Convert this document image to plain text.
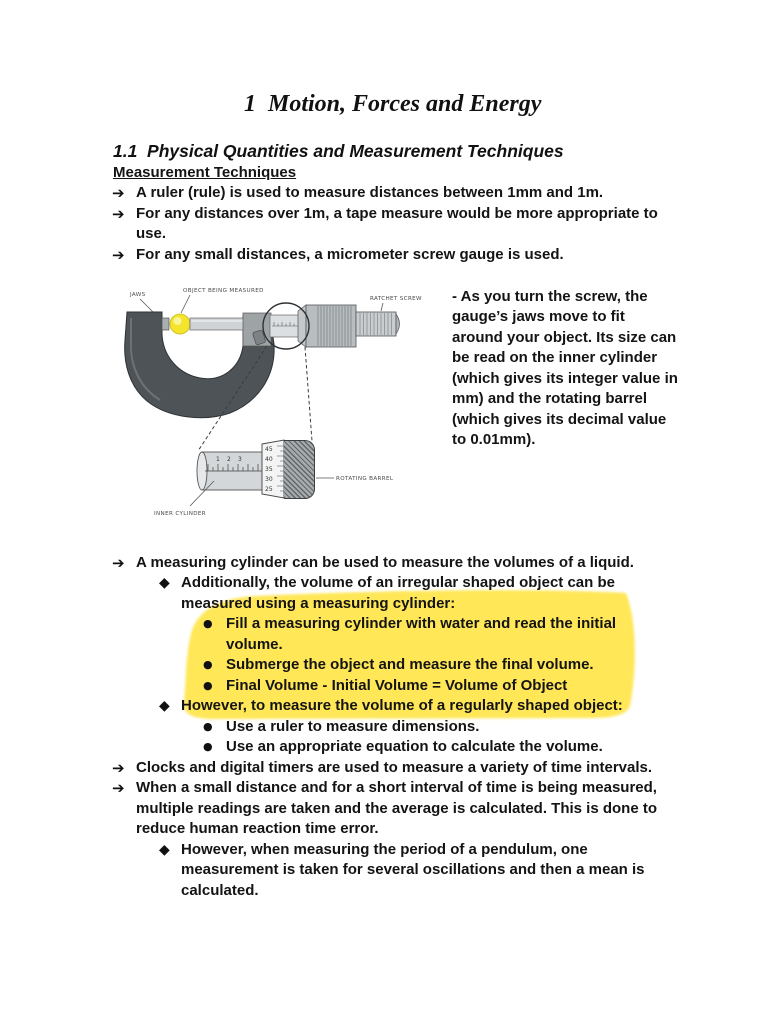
1  Motion, Forces and Energy
1.1  Physical Quantities and Measurement Techniques
Measurement Techniques
➔ A ruler (rule) is used to measure distances between 1mm and 1m.
➔ For any distances over 1m, a tape measure would be more appropriate to
use.
➔ For any small distances, a micrometer screw gauge is used.
JAWS
OBJECT BEING MEASURED
RATCHET SCREW
1 2 3
45
40
35
30
25
ROTATING BARREL
INNER CYLINDER
- As you turn the screw, the
gauge’s jaws move to fit
around your object. Its size can
be read on the inner cylinder
(which gives its integer value in
mm) and the rotating barrel
(which gives its decimal value
to 0.01mm).
➔ A measuring cylinder can be used to measure the volumes of a liquid.
◆ Additionally, the volume of an irregular shaped object can be
measured using a measuring cylinder:
● Fill a measuring cylinder with water and read the initial
volume.
● Submerge the object and measure the final volume.
● Final Volume - Initial Volume = Volume of Object
◆ However, to measure the volume of a regularly shaped object:
● Use a ruler to measure dimensions.
● Use an appropriate equation to calculate the volume.
➔ Clocks and digital timers are used to measure a variety of time intervals.
➔ When a small distance and for a short interval of time is being measured,
multiple readings are taken and the average is calculated. This is done to
reduce human reaction time error.
◆ However, when measuring the period of a pendulum, one
measurement is taken for several oscillations and then a mean is
calculated.
